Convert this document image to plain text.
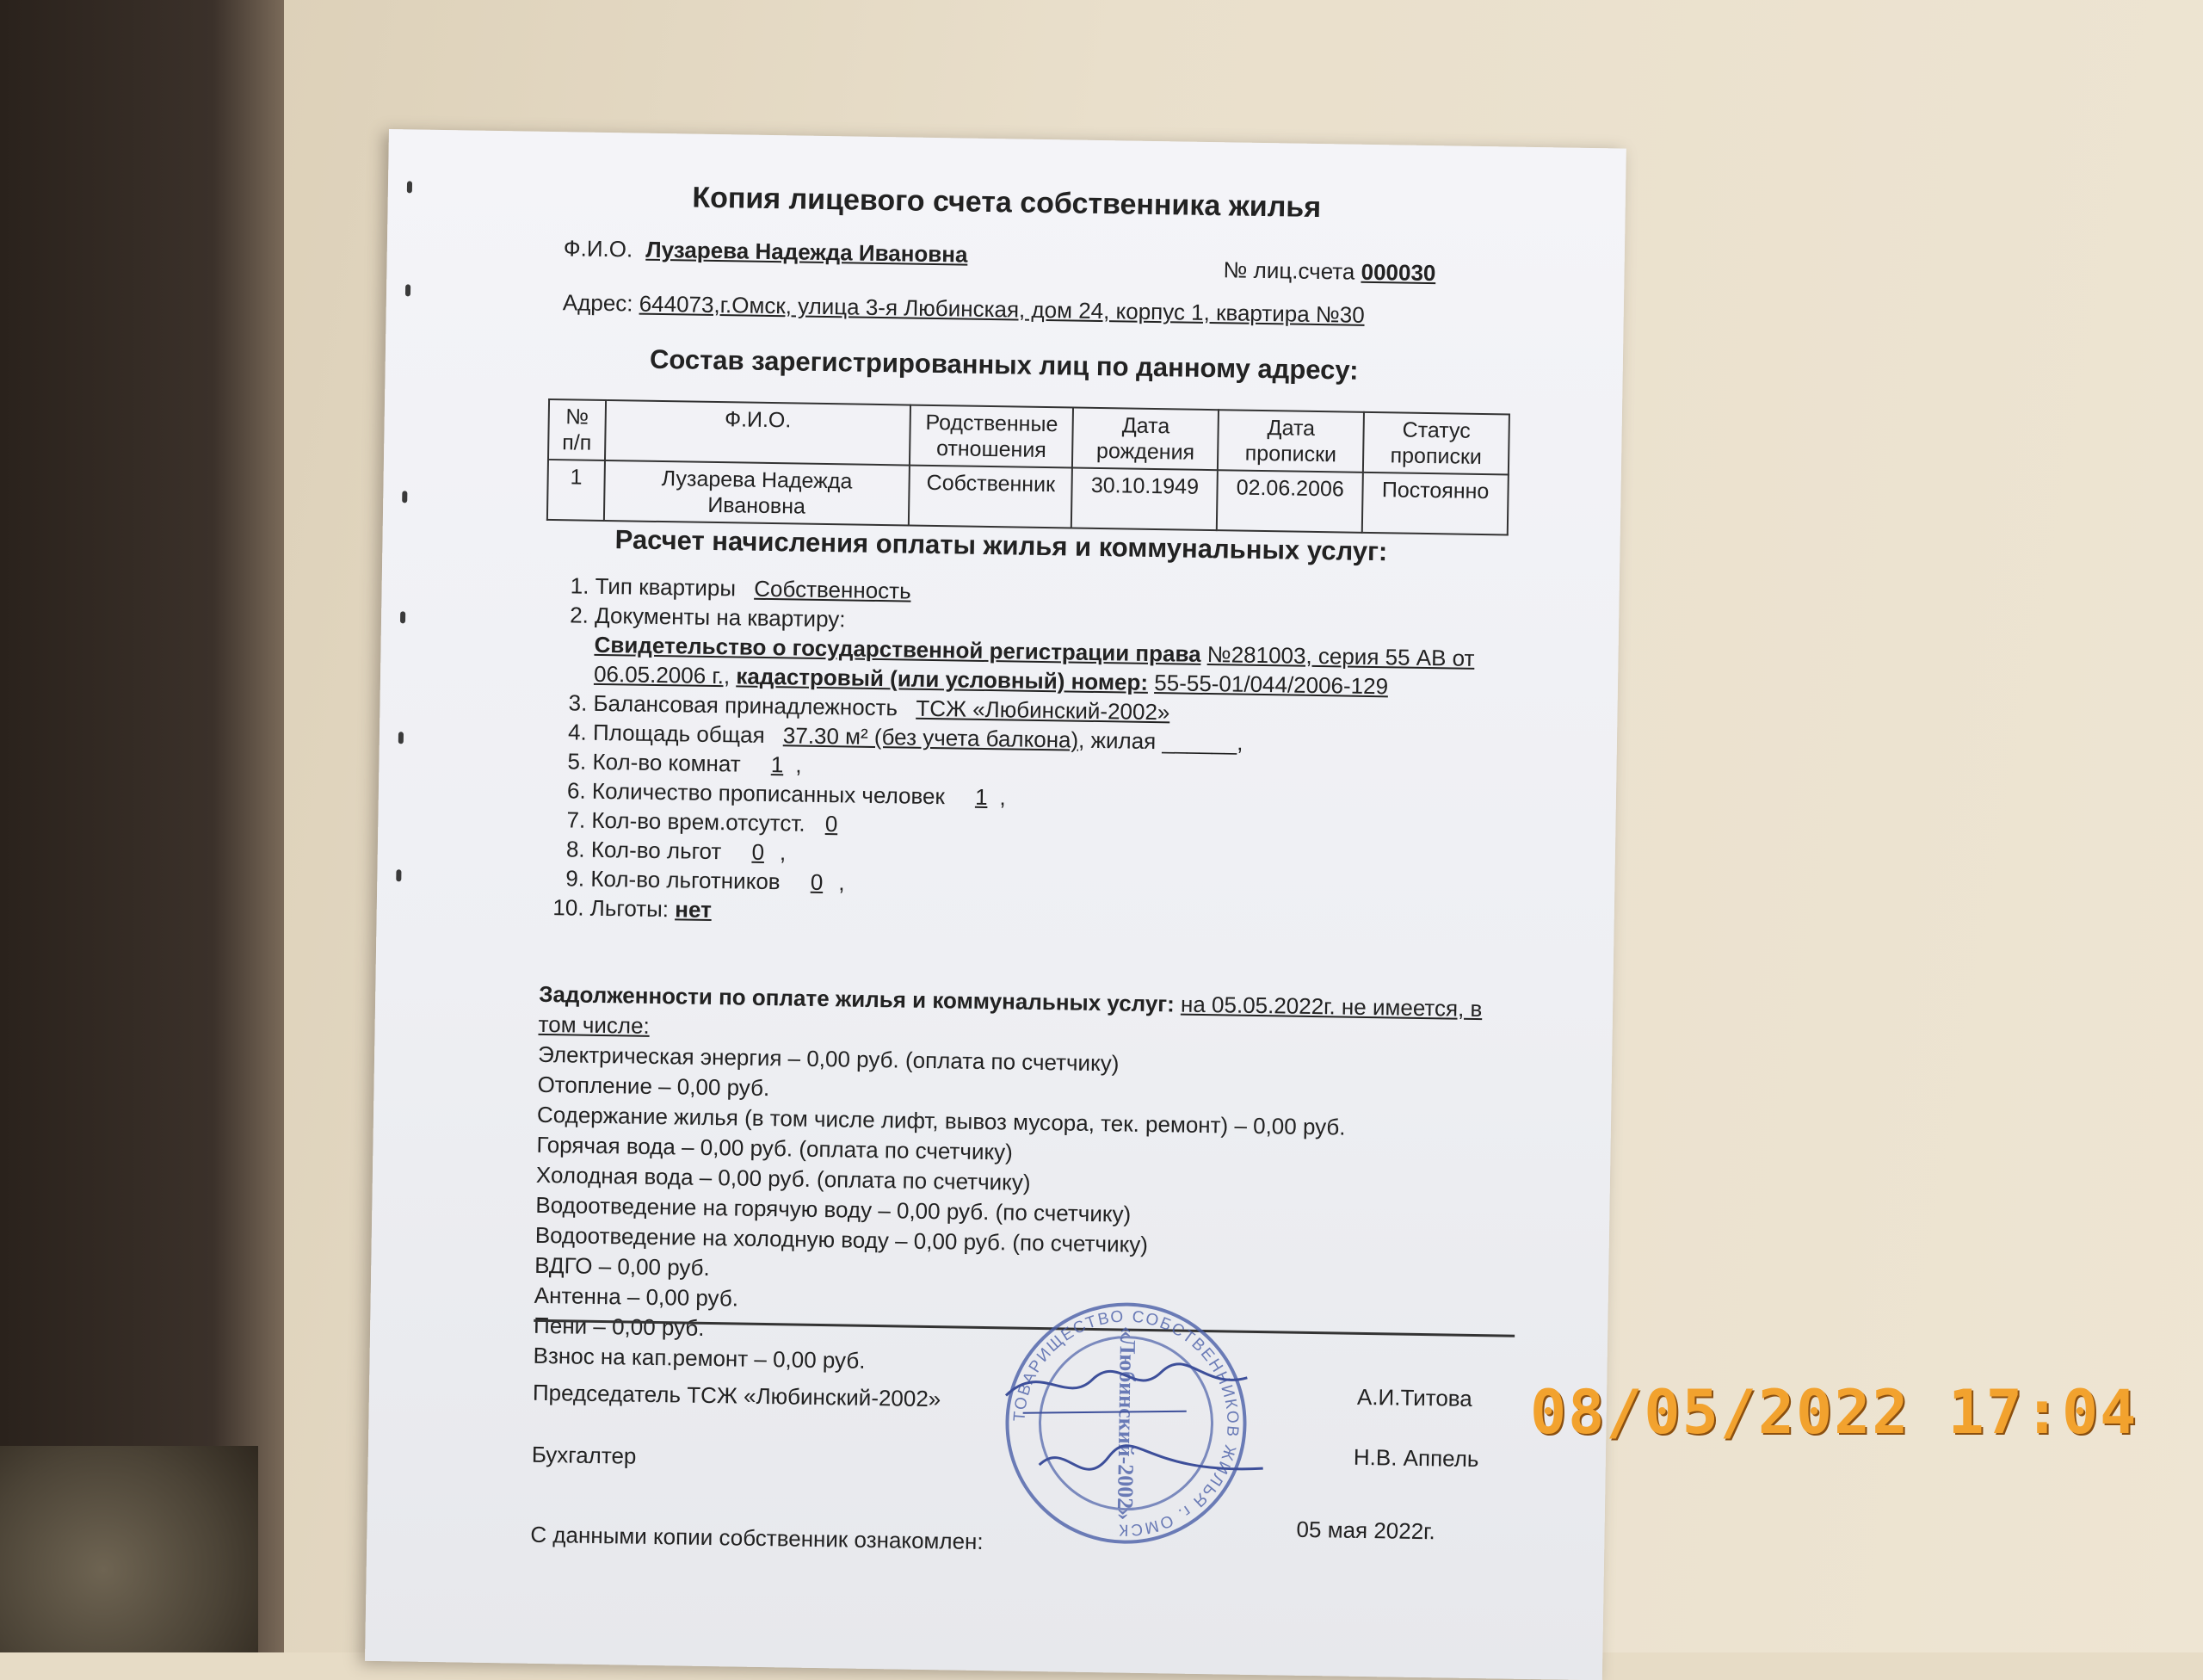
Копия лицевого счета собственника жилья
Ф.И.О. Лузарева Надежда Ивановна
№ лиц.счета 000030
Адрес: 644073,г.Омск, улица 3-я Любинская, дом 24, корпус 1, квартира №30
Состав зарегистрированных лиц по данному адресу:
№ п/п	Ф.И.О.	Родственные отношения	Дата рождения	Дата прописки	Статус прописки
1	Лузарева Надежда Ивановна	Собственник	30.10.1949	02.06.2006	Постоянно
Расчет начисления оплаты жилья и коммунальных услуг:
1. Тип квартиры Собственность
2. Документы на квартиру:
Свидетельство о государственной регистрации права №281003, серия 55 АВ от 06.05.2006 г., кадастровый (или условный) номер: 55-55-01/044/2006-129
3. Балансовая принадлежность ТСЖ «Любинский-2002»
4. Площадь общая 37.30 м² (без учета балкона), жилая ______,
5. Кол-во комнат 1 ,
6. Количество прописанных человек 1 ,
7. Кол-во врем.отсутст. 0
8. Кол-во льгот 0 ,
9. Кол-во льготников 0 ,
10. Льготы: нет
Задолженности по оплате жилья и коммунальных услуг: на 05.05.2022г. не имеется, в том числе:
Электрическая энергия – 0,00 руб. (оплата по счетчику)
Отопление – 0,00 руб.
Содержание жилья (в том числе лифт, вывоз мусора, тек. ремонт) – 0,00 руб.
Горячая вода – 0,00 руб. (оплата по счетчику)
Холодная вода – 0,00 руб. (оплата по счетчику)
Водоотведение на горячую воду – 0,00 руб. (по счетчику)
Водоотведение на холодную воду – 0,00 руб. (по счетчику)
ВДГО – 0,00 руб.
Антенна – 0,00 руб.
Пени – 0,00 руб.
Взнос на кап.ремонт – 0,00 руб.
ТОВАРИЩЕСТВО СОБСТВЕННИКОВ ЖИЛЬЯ г. ОМСК
«Любинский-2002»
Председатель ТСЖ «Любинский-2002»	А.И.Титова
Бухгалтер	Н.В. Аппель
С данными копии собственник ознакомлен:	05 мая 2022г.
08/05/2022 17:04
